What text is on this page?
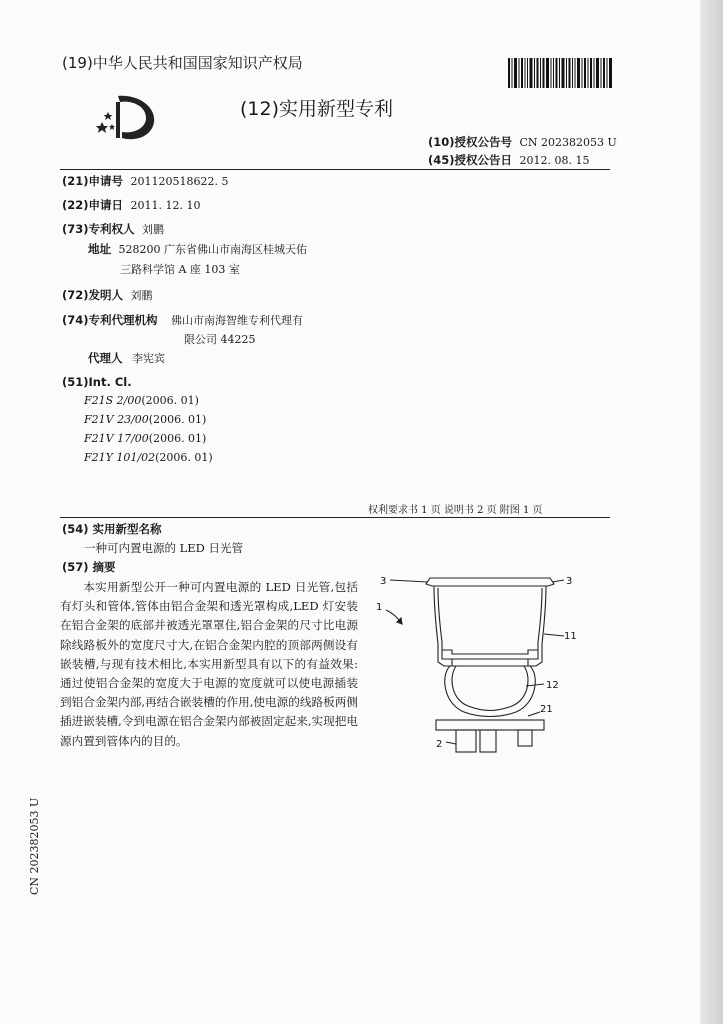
(19)中华人民共和国国家知识产权局
(12)实用新型专利
(10)授权公告号 CN 202382053 U
(45)授权公告日 2012. 08. 15
(21)申请号 201120518622. 5
(22)申请日 2011. 12. 10
(73)专利权人 刘鹏
地址 528200 广东省佛山市南海区桂城天佑
三路科学馆 A 座 103 室
(72)发明人 刘鹏
(74)专利代理机构 佛山市南海智维专利代理有
限公司 44225
代理人 李宪宾
(51)Int. Cl.
F21S 2/00(2006. 01)
F21V 23/00(2006. 01)
F21V 17/00(2006. 01)
F21Y 101/02(2006. 01)
权利要求书 1 页 说明书 2 页 附图 1 页
(54) 实用新型名称
一种可内置电源的 LED 日光管
(57) 摘要

本实用新型公开一种可内置电源的 LED 日光管,包括有灯头和管体,管体由铝合金架和透光罩构成,LED 灯安装在铝合金架的底部并被透光罩罩住,铝合金架的尺寸比电源除线路板外的宽度尺寸大,在铝合金架内腔的顶部两侧设有嵌装槽,与现有技术相比,本实用新型具有以下的有益效果:通过使铝合金架的宽度大于电源的宽度就可以使电源插装到铝合金架内部,再结合嵌装槽的作用,使电源的线路板两侧插进嵌装槽,令到电源在铝合金架内部被固定起来,实现把电源内置到管体内的目的。

3	3
1
11
12
21
2
CN 202382053 U
